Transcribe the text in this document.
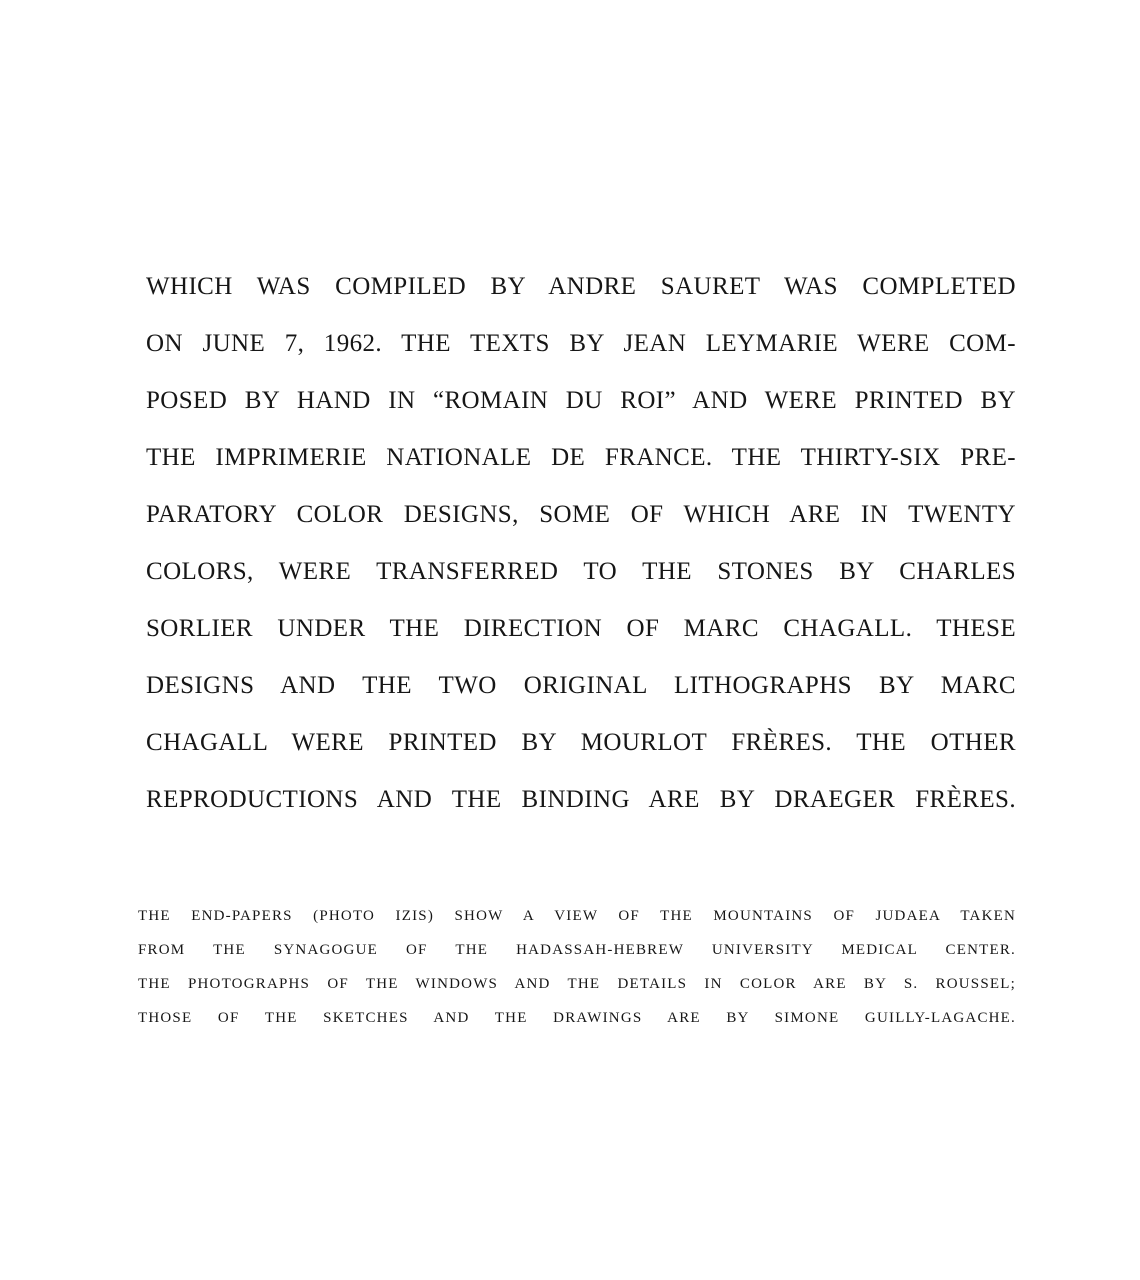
WHICH WAS COMPILED BY ANDRE SAURET WAS COMPLETED
ON JUNE 7, 1962. THE TEXTS BY JEAN LEYMARIE WERE COM-
POSED BY HAND IN “ROMAIN DU ROI” AND WERE PRINTED BY
THE IMPRIMERIE NATIONALE DE FRANCE. THE THIRTY-SIX PRE-
PARATORY COLOR DESIGNS, SOME OF WHICH ARE IN TWENTY
COLORS, WERE TRANSFERRED TO THE STONES BY CHARLES
SORLIER UNDER THE DIRECTION OF MARC CHAGALL. THESE
DESIGNS AND THE TWO ORIGINAL LITHOGRAPHS BY MARC
CHAGALL WERE PRINTED BY MOURLOT FRÈRES. THE OTHER
REPRODUCTIONS AND THE BINDING ARE BY DRAEGER FRÈRES.
THE END-PAPERS (PHOTO IZIS) SHOW A VIEW OF THE MOUNTAINS OF JUDAEA TAKEN
FROM THE SYNAGOGUE OF THE HADASSAH-HEBREW UNIVERSITY MEDICAL CENTER.
THE PHOTOGRAPHS OF THE WINDOWS AND THE DETAILS IN COLOR ARE BY S. ROUSSEL;
THOSE OF THE SKETCHES AND THE DRAWINGS ARE BY SIMONE GUILLY-LAGACHE.
